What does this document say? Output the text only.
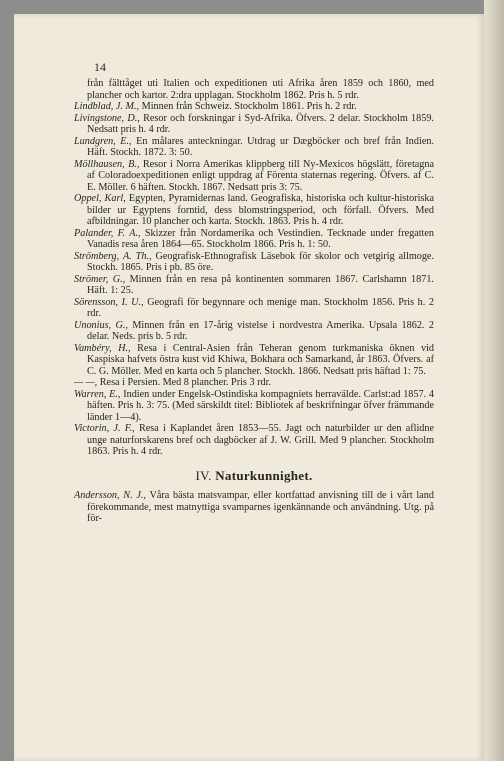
14

från fälttåget uti Italien och expeditionen uti Afrika åren 1859 och 1860, med plancher och kartor. 2:dra upplagan. Stockholm 1862. Pris h. 5 rdr.

Lindblad, J. M., Minnen från Schweiz. Stockholm 1861. Pris h. 2 rdr.

Livingstone, D., Resor och forskningar i Syd-Afrika. Öfvers. 2 delar. Stockholm 1859. Nedsatt pris h. 4 rdr.

Lundgren, E., En målares anteckningar. Utdrag ur Dægböcker och bref från Indien. Häft. Stockh. 1872. 3: 50.

Möllhausen, B., Resor i Norra Amerikas klippberg till Ny-Mexicos högslätt, företagna af Coloradoexpeditionen enligt uppdrag af Förenta staternas regering. Öfvers. af C. E. Möller. 6 häften. Stockh. 1867. Nedsatt pris 3: 75.

Oppel, Karl, Egypten, Pyramidernas land. Geografiska, historiska och kultur-historiska bilder ur Egyptens forntid, dess blomstringsperiod, och förfall. Öfvers. Med afbildningar. 10 plancher och karta. Stockh. 1863. Pris h. 4 rdr.

Palander, F. A., Skizzer från Nordamerika och Vestindien. Tecknade under fregatten Vanadis resa åren 1864—65. Stockholm 1866. Pris h. 1: 50.

Strömberg, A. Th., Geografisk-Ethnografisk Läsebok för skolor och vetgirig allmoge. Stockh. 1865. Pris i pb. 85 öre.

Strömer, G., Minnen från en resa på kontinenten sommaren 1867. Carlshamn 1871. Häft. 1: 25.

Sörensson, I. U., Geografi för begynnare och menige man. Stockholm 1856. Pris h. 2 rdr.

Unonius, G., Minnen från en 17-årig vistelse i nordvestra Amerika. Upsala 1862. 2 delar. Neds. pris b. 5 rdr.

Vambéry, H., Resa i Central-Asien från Teheran genom turkmaniska öknen vid Kaspiska hafvets östra kust vid Khiwa, Bokhara och Samarkand, år 1863. Öfvers. af C. G. Möller. Med en karta och 5 plancher. Stockh. 1866. Nedsatt pris häftad 1: 75.

— —, Resa i Persien. Med 8 plancher. Pris 3 rdr.

Warren, E., Indien under Engelsk-Ostindiska kompagniets herravälde. Carlst:ad 1857. 4 häften. Pris h. 3: 75. (Med särskildt titel: Bibliotek af beskrifningar öfver främmande länder 1—4).

Victorin, J. F., Resa i Kaplandet åren 1853—55. Jagt och naturbilder ur den aflidne unge naturforskarens bref och dagböcker af J. W. Grill. Med 9 plancher. Stockholm 1863. Pris h. 4 rdr.

IV. Naturkunnighet.

Andersson, N. J., Våra bästa matsvampar, eller kortfattad anvisning till de i vårt land förekommande, mest matnyttiga svamparnes igenkännande och användning. Utg. på för-
